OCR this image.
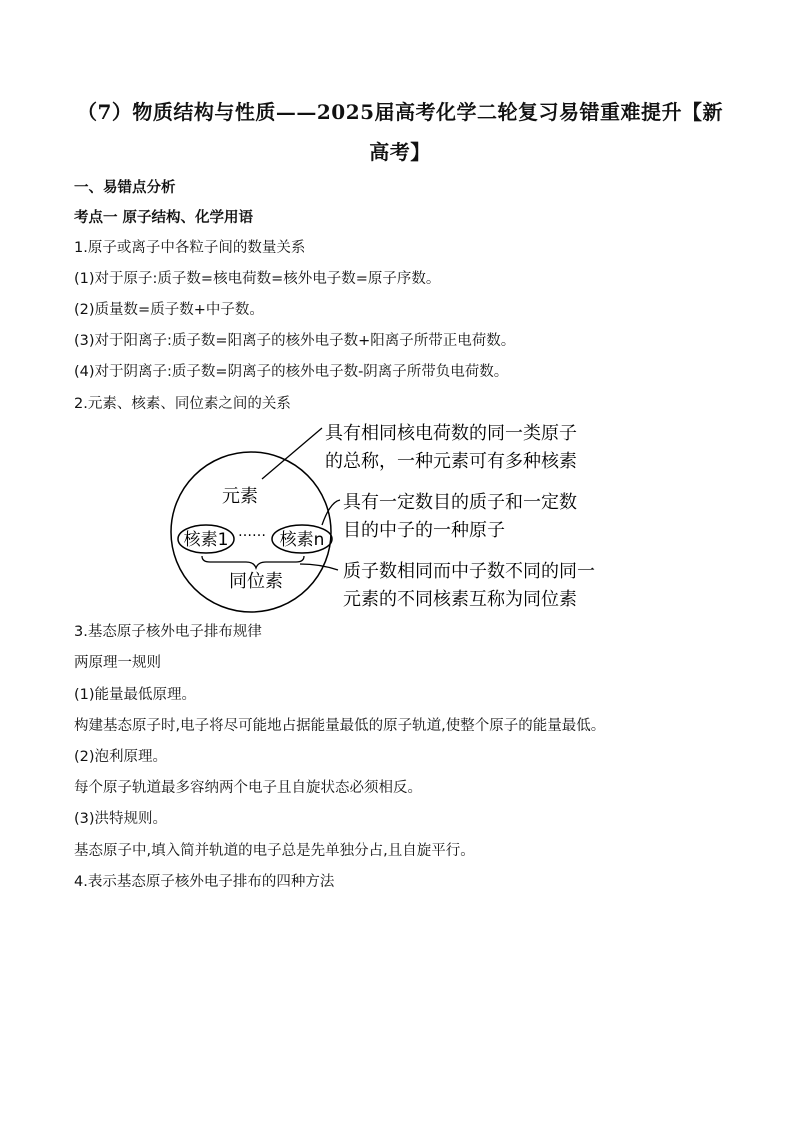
（7）物质结构与性质——2025届高考化学二轮复习易错重难提升【新高考】
一、易错点分析
考点一 原子结构、化学用语
1.原子或离子中各粒子间的数量关系
(1)对于原子:质子数=核电荷数=核外电子数=原子序数。
(2)质量数=质子数+中子数。
(3)对于阳离子:质子数=阳离子的核外电子数+阳离子所带正电荷数。
(4)对于阴离子:质子数=阴离子的核外电子数-阴离子所带负电荷数。
2.元素、核素、同位素之间的关系
元素
核素1 …… 核素n
同位素
具有相同核电荷数的同一类原子
的总称，一种元素可有多种核素
具有一定数目的质子和一定数
目的中子的一种原子
质子数相同而中子数不同的同一
元素的不同核素互称为同位素
3.基态原子核外电子排布规律
两原理一规则
(1)能量最低原理。
构建基态原子时,电子将尽可能地占据能量最低的原子轨道,使整个原子的能量最低。
(2)泡利原理。
每个原子轨道最多容纳两个电子且自旋状态必须相反。
(3)洪特规则。
基态原子中,填入简并轨道的电子总是先单独分占,且自旋平行。
4.表示基态原子核外电子排布的四种方法
